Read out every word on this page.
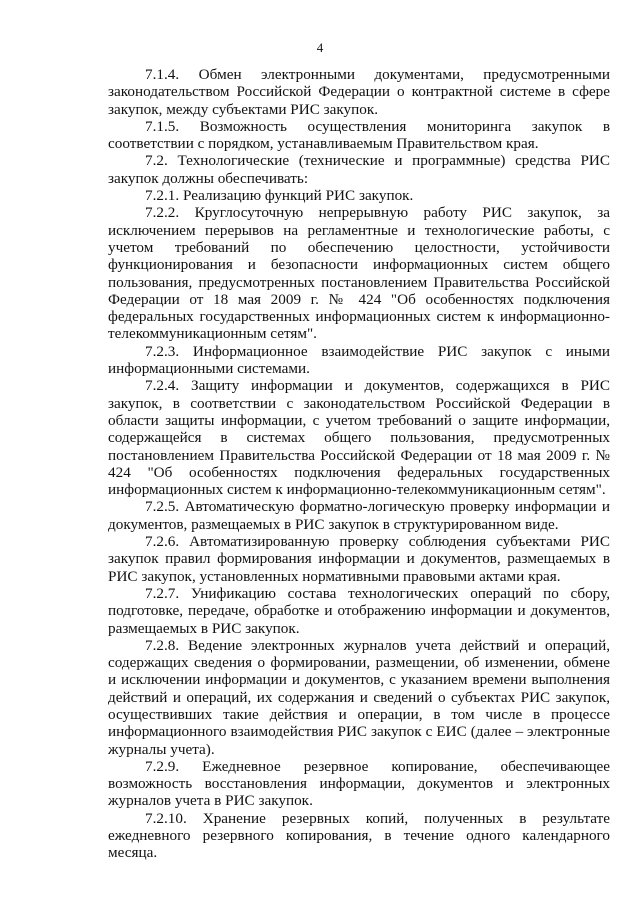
4

7.1.4. Обмен электронными документами, предусмотренными законодательством Российской Федерации о контрактной системе в сфере закупок, между субъектами РИС закупок.

7.1.5. Возможность осуществления мониторинга закупок в соответствии с порядком, устанавливаемым Правительством края.

7.2. Технологические (технические и программные) средства РИС закупок должны обеспечивать:

7.2.1. Реализацию функций РИС закупок.

7.2.2. Круглосуточную непрерывную работу РИС закупок, за исключением перерывов на регламентные и технологические работы, с учетом требований по обеспечению целостности, устойчивости функционирования и безопасности информационных систем общего пользования, предусмотренных постановлением Правительства Российской Федерации от 18 мая 2009 г. № 424 "Об особенностях подключения федеральных государственных информационных систем к информационно-телекоммуникационным сетям".

7.2.3. Информационное взаимодействие РИС закупок с иными информационными системами.

7.2.4. Защиту информации и документов, содержащихся в РИС закупок, в соответствии с законодательством Российской Федерации в области защиты информации, с учетом требований о защите информации, содержащейся в системах общего пользования, предусмотренных постановлением Правительства Российской Федерации от 18 мая 2009 г. № 424 "Об особенностях подключения федеральных государственных информационных систем к информационно-телекоммуникационным сетям".

7.2.5. Автоматическую форматно-логическую проверку информации и документов, размещаемых в РИС закупок в структурированном виде.

7.2.6. Автоматизированную проверку соблюдения субъектами РИС закупок правил формирования информации и документов, размещаемых в РИС закупок, установленных нормативными правовыми актами края.

7.2.7. Унификацию состава технологических операций по сбору, подготовке, передаче, обработке и отображению информации и документов, размещаемых в РИС закупок.

7.2.8. Ведение электронных журналов учета действий и операций, содержащих сведения о формировании, размещении, об изменении, обмене и исключении информации и документов, с указанием времени выполнения действий и операций, их содержания и сведений о субъектах РИС закупок, осуществивших такие действия и операции, в том числе в процессе информационного взаимодействия РИС закупок с ЕИС (далее – электронные журналы учета).

7.2.9. Ежедневное резервное копирование, обеспечивающее возможность восстановления информации, документов и электронных журналов учета в РИС закупок.

7.2.10. Хранение резервных копий, полученных в результате ежедневного резервного копирования, в течение одного календарного месяца.
